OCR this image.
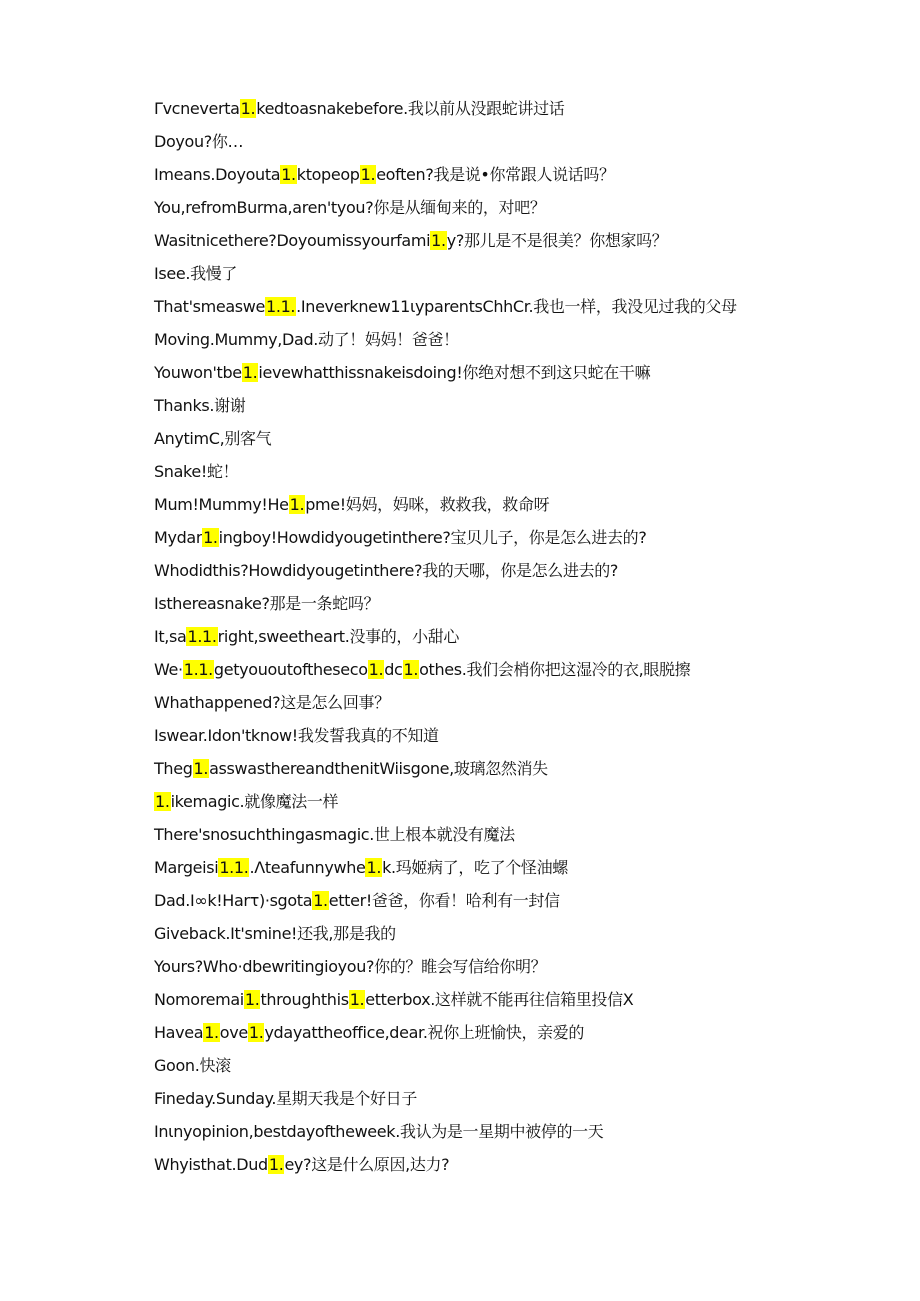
Γvcneverta1.kedtoasnakebefore.我以前从没跟蛇讲过话
Doyou?你…
Imeans.Doyouta1.ktopeop1.eoften?我是说•你常跟人说话吗？
You,refromBurma,aren'tyou?你是从缅甸来的，对吧？
Wasitnicethere?Doyoumissyourfami1.y?那儿是不是很美？你想家吗？
Isee.我慢了
That'smeaswe1.1..Ineverknew11ιyparentsChhCr.我也一样，我没见过我的父母
Moving.Mummy,Dad.动了！妈妈！爸爸！
Youwon'tbe1.ievewhatthissnakeisdoing!你绝对想不到这只蛇在干嘛
Thanks.谢谢
AnytimC,别客气
Snake!蛇！
Mum!Mummy!He1.pme!妈妈，妈咪，救救我，救命呀
Mydar1.ingboy!Howdidyougetinthere?宝贝儿子，你是怎么进去的?
Whodidthis?Howdidyougetinthere?我的天哪，你是怎么进去的?
Isthereasnake?那是一条蛇吗？
It,sa1.1.right,sweetheart.没事的，小甜心
We·1.1.getyououtoftheseco1.dc1.othes.我们会梢你把这湿冷的衣,眼脱擦
Whathappened?这是怎么回事？
Iswear.Idon'tknow!我发誓我真的不知道
Theg1.asswasthereandthenitWiisgone,玻璃忽然消失
1.ikemagic.就像魔法一样
There'snosuchthingasmagic.世上根本就没有魔法
Margeisi1.1..Λteafunnywhe1.k.玛姬病了，吃了个怪油螺
Dad.I∞k!Harτ)·sgota1.etter!爸爸，你看！哈利有一封信
Giveback.It'smine!还我,那是我的
Yours?Who·dbewritingioyou?你的？睢会写信给你明？
Nomoremai1.throughthis1.etterbox.这样就不能再往信箱里投信X
Havea1.ove1.ydayattheoffice,dear.祝你上班愉快，亲爱的
Goon.快滚
Fineday.Sunday.星期天我是个好日子
Inιnyopinion,bestdayoftheweek.我认为是一星期中被停的一天
Whyisthat.Dud1.ey?这是什么原因,达力?
